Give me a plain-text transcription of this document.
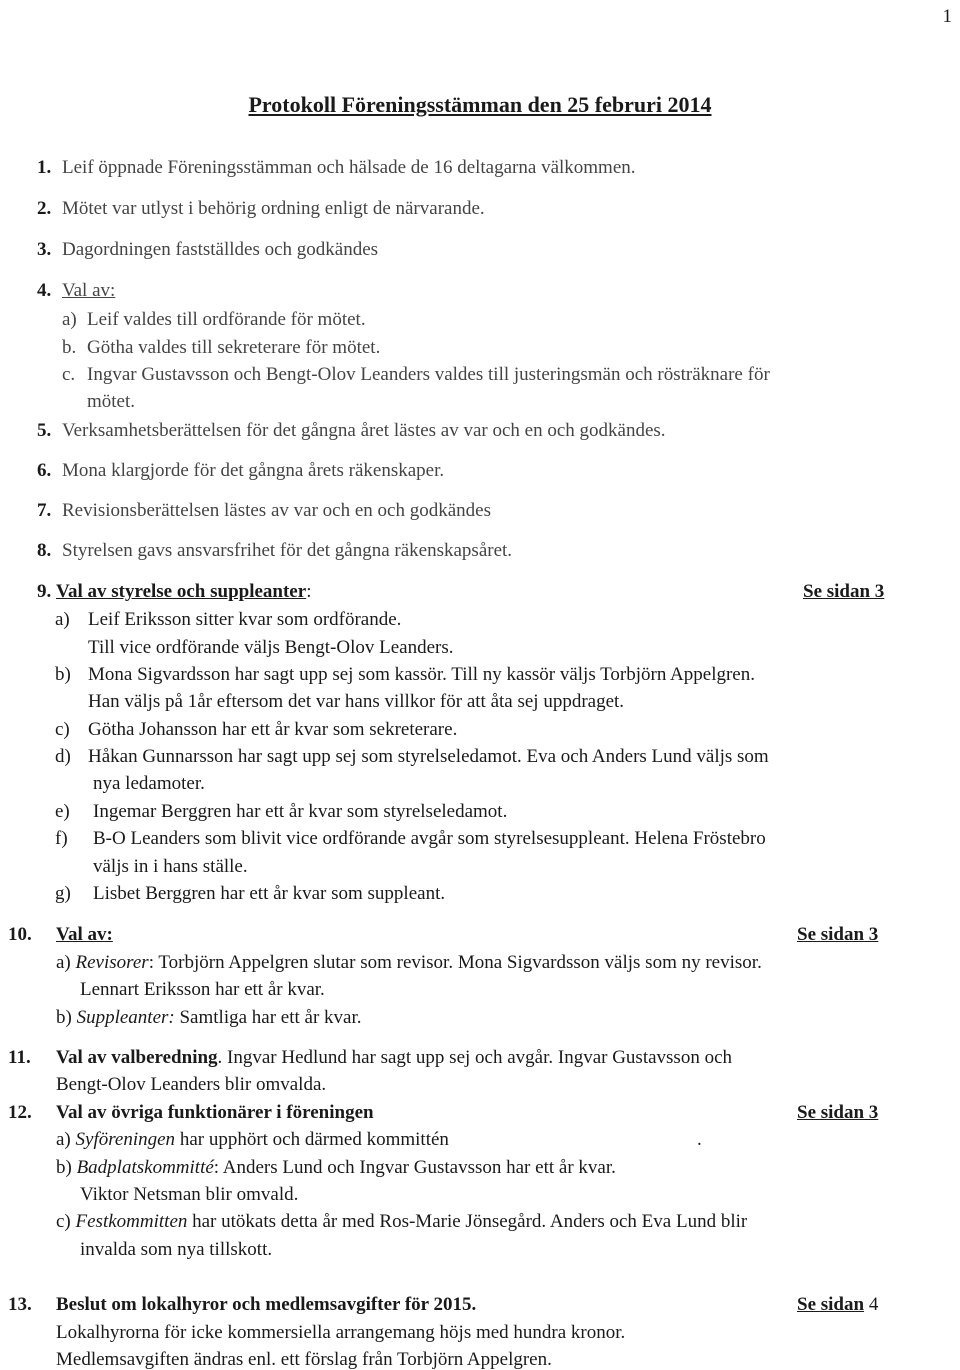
1
Protokoll Föreningsstämman den 25 februri 2014
1. Leif öppnade Föreningsstämman och hälsade de 16 deltagarna välkommen.
2. Mötet var utlyst i behörig ordning enligt de närvarande.
3. Dagordningen fastställdes och godkändes
4. Val av:
a) Leif valdes till ordförande för mötet.
b. Götha valdes till sekreterare för mötet.
c. Ingvar Gustavsson och Bengt-Olov Leanders valdes till justeringsmän och rösträknare för
mötet.
5. Verksamhetsberättelsen för det gångna året lästes av var och en och godkändes.
6. Mona klargjorde för det gångna årets räkenskaper.
7. Revisionsberättelsen lästes av var och en och godkändes
8. Styrelsen gavs ansvarsfrihet för det gångna räkenskapsåret.
9. Val av styrelse och suppleanter:	Se sidan 3
a) Leif Eriksson sitter kvar som ordförande.
Till vice ordförande väljs Bengt-Olov Leanders.
b) Mona Sigvardsson har sagt upp sej som kassör. Till ny kassör väljs Torbjörn Appelgren.
Han väljs på 1år eftersom det var hans villkor för att åta sej uppdraget.
c) Götha Johansson har ett år kvar som sekreterare.
d) Håkan Gunnarsson har sagt upp sej som styrelseledamot. Eva och Anders Lund väljs som
nya ledamoter.
e) Ingemar Berggren har ett år kvar som styrelseledamot.
f) B-O Leanders som blivit vice ordförande avgår som styrelsesuppleant. Helena Fröstebro
väljs in i hans ställe.
g) Lisbet Berggren har ett år kvar som suppleant.
10. Val av:	Se sidan 3
a) Revisorer: Torbjörn Appelgren slutar som revisor. Mona Sigvardsson väljs som ny revisor.
Lennart Eriksson har ett år kvar.
b) Suppleanter: Samtliga har ett år kvar.
11. Val av valberedning. Ingvar Hedlund har sagt upp sej och avgår. Ingvar Gustavsson och
Bengt-Olov Leanders blir omvalda.
12. Val av övriga funktionärer i föreningen	Se sidan 3
a) Syföreningen har upphört och därmed kommittén	.
b) Badplatskommitté: Anders Lund och Ingvar Gustavsson har ett år kvar.
Viktor Netsman blir omvald.
c) Festkommitten har utökats detta år med Ros-Marie Jönsegård. Anders och Eva Lund blir
invalda som nya tillskott.
13. Beslut om lokalhyror och medlemsavgifter för 2015.	Se sidan 4
Lokalhyrorna för icke kommersiella arrangemang höjs med hundra kronor.
Medlemsavgiften ändras enl. ett förslag från Torbjörn Appelgren.
